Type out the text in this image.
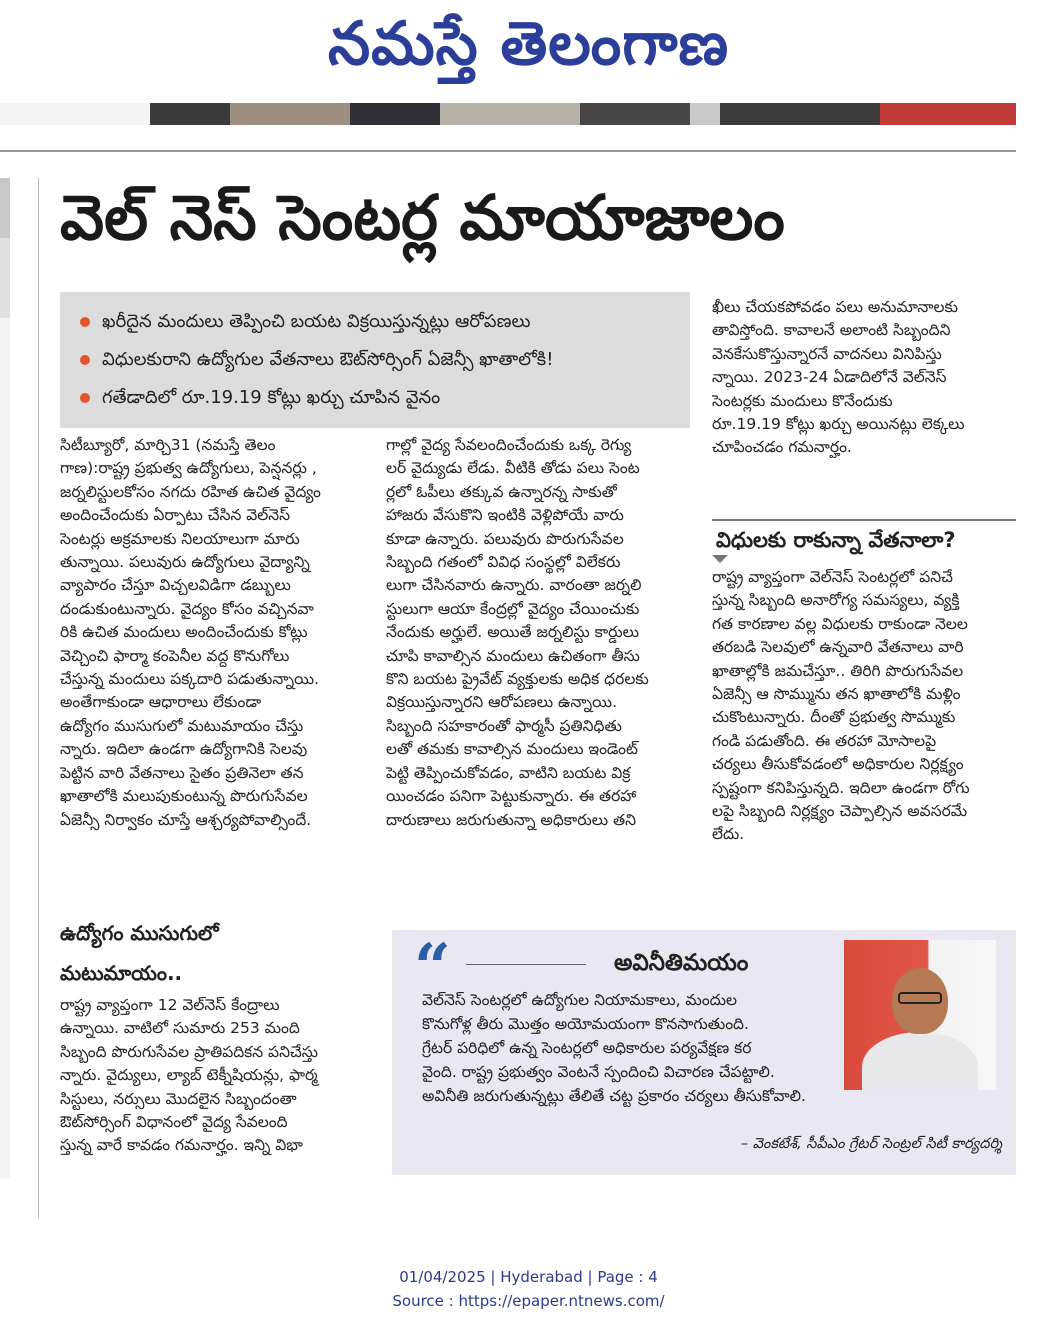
నమస్తే తెలంగాణ
వెల్ నెస్ సెంటర్ల మాయాజాలం
ఖరీదైన మందులు తెప్పించి బయట విక్రయిస్తున్నట్లు ఆరోపణలు
విధులకురాని ఉద్యోగుల వేతనాలు ఔట్‌సోర్సింగ్ ఏజెన్సీ ఖాతాలోకి!
గతేడాదిలో రూ.19.19 కోట్లు ఖర్చు చూపిన వైనం
సిటీబ్యూరో, మార్చి31 (నమస్తే తెలం
గాణ):రాష్ట్ర ప్రభుత్వ ఉద్యోగులు, పెన్షనర్లు ,
జర్నలిస్టులకోసం నగదు రహిత ఉచిత వైద్యం
అందించేందుకు ఏర్పాటు చేసిన వెల్‌నెస్
సెంటర్లు అక్రమాలకు నిలయాలుగా మారు
తున్నాయి. పలువురు ఉద్యోగులు వైద్యాన్ని
వ్యాపారం చేస్తూ విచ్చలవిడిగా డబ్బులు
దండుకుంటున్నారు. వైద్యం కోసం వచ్చినవా
రికి ఉచిత మందులు అందించేందుకు కోట్లు
వెచ్చించి ఫార్మా కంపెనీల వద్ద కొనుగోలు
చేస్తున్న మందులు పక్కదారి పడుతున్నాయి.
అంతేగాకుండా ఆధారాలు లేకుండా
ఉద్యోగం ముసుగులో మటుమాయం చేస్తు
న్నారు. ఇదిలా ఉండగా ఉద్యోగానికి సెలవు
పెట్టిన వారి వేతనాలు సైతం ప్రతినెలా తన
ఖాతాలోకి మలుపుకుంటున్న పొరుగుసేవల
ఏజెన్సీ నిర్వాకం చూస్తే ఆశ్చర్యపోవాల్సిందే.
ఉద్యోగం ముసుగులో
మటుమాయం..
రాష్ట్ర వ్యాప్తంగా 12 వెల్‌నెస్ కేంద్రాలు
ఉన్నాయి. వాటిలో సుమారు 253 మంది
సిబ్బంది పొరుగుసేవల ప్రాతిపదికన పనిచేస్తు
న్నారు. వైద్యులు, ల్యాబ్ టెక్నీషియన్లు, ఫార్మ
సిస్టులు, నర్సులు మొదలైన సిబ్బందంతా
ఔట్‌సోర్సింగ్ విధానంలో వైద్య సేవలంది
స్తున్న వారే కావడం గమనార్హం. ఇన్ని విభా
గాల్లో వైద్య సేవలందించేందుకు ఒక్క రెగ్యు
లర్ వైద్యుడు లేడు. వీటికి తోడు పలు సెంట
ర్లలో ఓపీలు తక్కువ ఉన్నారన్న సాకుతో
హాజరు వేసుకొని ఇంటికి వెళ్లిపోయే వారు
కూడా ఉన్నారు. పలువురు పొరుగుసేవల
సిబ్బంది గతంలో వివిధ సంస్థల్లో విలేకరు
లుగా చేసినవారు ఉన్నారు. వారంతా జర్నలి
స్టులుగా ఆయా కేంద్రల్లో వైద్యం చేయించుకు
నేందుకు అర్హులే. అయితే జర్నలిస్టు కార్డులు
చూపి కావాల్సిన మందులు ఉచితంగా తీసు
కొని బయట ప్రైవేట్ వ్యక్తులకు అధిక ధరలకు
విక్రయిస్తున్నారని ఆరోపణలు ఉన్నాయి.
సిబ్బంది సహకారంతో ఫార్మసీ ప్రతినిధితు
లతో తమకు కావాల్సిన మందులు ఇండెంట్
పెట్టి తెప్పించుకోవడం, వాటిని బయట విక్ర
యించడం పనిగా పెట్టుకున్నారు. ఈ తరహా
దారుణాలు జరుగుతున్నా అధికారులు తని
ఖీలు చేయకపోవడం పలు అనుమానాలకు
తావిస్తోంది. కావాలనే అలాంటి సిబ్బందిని
వెనకేసుకొస్తున్నారనే వాదనలు వినిపిస్తు
న్నాయి. 2023-24 ఏడాదిలోనే వెల్‌నెస్
సెంటర్లకు మందులు కొనేందుకు
రూ.19.19 కోట్లు ఖర్చు అయినట్లు లెక్కలు
చూపించడం గమనార్హం.
విధులకు రాకున్నా వేతనాలా?
రాష్ట్ర వ్యాప్తంగా వెల్‌నెస్ సెంటర్లలో పనిచే
స్తున్న సిబ్బంది అనారోగ్య సమస్యలు, వ్యక్తి
గత కారణాల వల్ల విధులకు రాకుండా నెలల
తరబడి సెలవులో ఉన్నవారి వేతనాలు వారి
ఖాతాల్లోకి జమచేస్తూ.. తిరిగి పొరుగుసేవల
ఏజెన్సీ ఆ సొమ్మును తన ఖాతాలోకి మళ్లిం
చుకొంటున్నారు. దీంతో ప్రభుత్వ సొమ్ముకు
గండి పడుతోంది. ఈ తరహా మోసాలపై
చర్యలు తీసుకోవడంలో అధికారుల నిర్లక్ష్యం
స్పష్టంగా కనిపిస్తున్నది. ఇదిలా ఉండగా రోగు
లపై సిబ్బంది నిర్లక్ష్యం చెప్పాల్సిన అవసరమే
లేదు.
“	అవినీతిమయం
వెల్‌నెస్ సెంటర్లలో ఉద్యోగుల నియామకాలు, మందుల
కొనుగోళ్ల తీరు మొత్తం అయోమయంగా కొనసాగుతుంది.
గ్రేటర్ పరిధిలో ఉన్న సెంటర్లలో అధికారుల పర్యవేక్షణ కర
వైంది. రాష్ట్ర ప్రభుత్వం వెంటనే స్పందించి విచారణ చేపట్టాలి.
అవినీతి జరుగుతున్నట్లు తేలితే చట్ట ప్రకారం చర్యలు తీసుకోవాలి.
– వెంకటేశ్, సీపీఎం గ్రేటర్ సెంట్రల్ సిటీ కార్యదర్శి
01/04/2025 | Hyderabad | Page : 4
Source : https://epaper.ntnews.com/
